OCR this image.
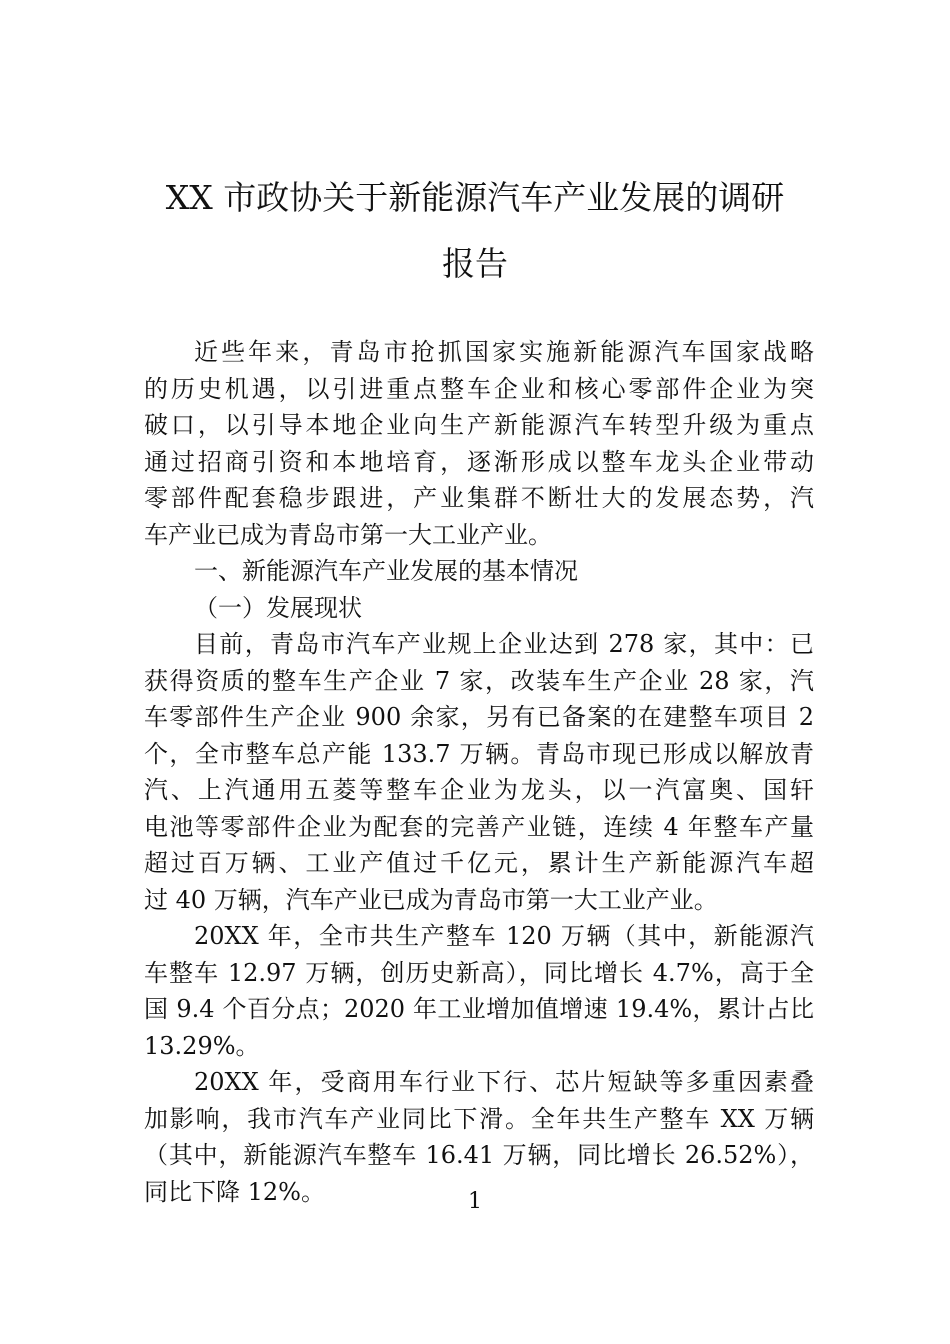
XX 市政协关于新能源汽车产业发展的调研
报告
近些年来，青岛市抢抓国家实施新能源汽车国家战略
的历史机遇，以引进重点整车企业和核心零部件企业为突
破口，以引导本地企业向生产新能源汽车转型升级为重点
通过招商引资和本地培育，逐渐形成以整车龙头企业带动
零部件配套稳步跟进，产业集群不断壮大的发展态势，汽
车产业已成为青岛市第一大工业产业。
一、新能源汽车产业发展的基本情况
（一）发展现状
目前，青岛市汽车产业规上企业达到 278 家，其中：已
获得资质的整车生产企业 7 家，改装车生产企业 28 家，汽
车零部件生产企业 900 余家，另有已备案的在建整车项目 2
个，全市整车总产能 133.7 万辆。青岛市现已形成以解放青
汽、上汽通用五菱等整车企业为龙头，以一汽富奥、国轩
电池等零部件企业为配套的完善产业链，连续 4 年整车产量
超过百万辆、工业产值过千亿元，累计生产新能源汽车超
过 40 万辆，汽车产业已成为青岛市第一大工业产业。
20XX 年，全市共生产整车 120 万辆（其中，新能源汽
车整车 12.97 万辆，创历史新高），同比增长 4.7%，高于全
国 9.4 个百分点；2020 年工业增加值增速 19.4%，累计占比
13.29%。
20XX 年，受商用车行业下行、芯片短缺等多重因素叠
加影响，我市汽车产业同比下滑。全年共生产整车 XX 万辆
（其中，新能源汽车整车 16.41 万辆，同比增长 26.52%），
同比下降 12%。	1
